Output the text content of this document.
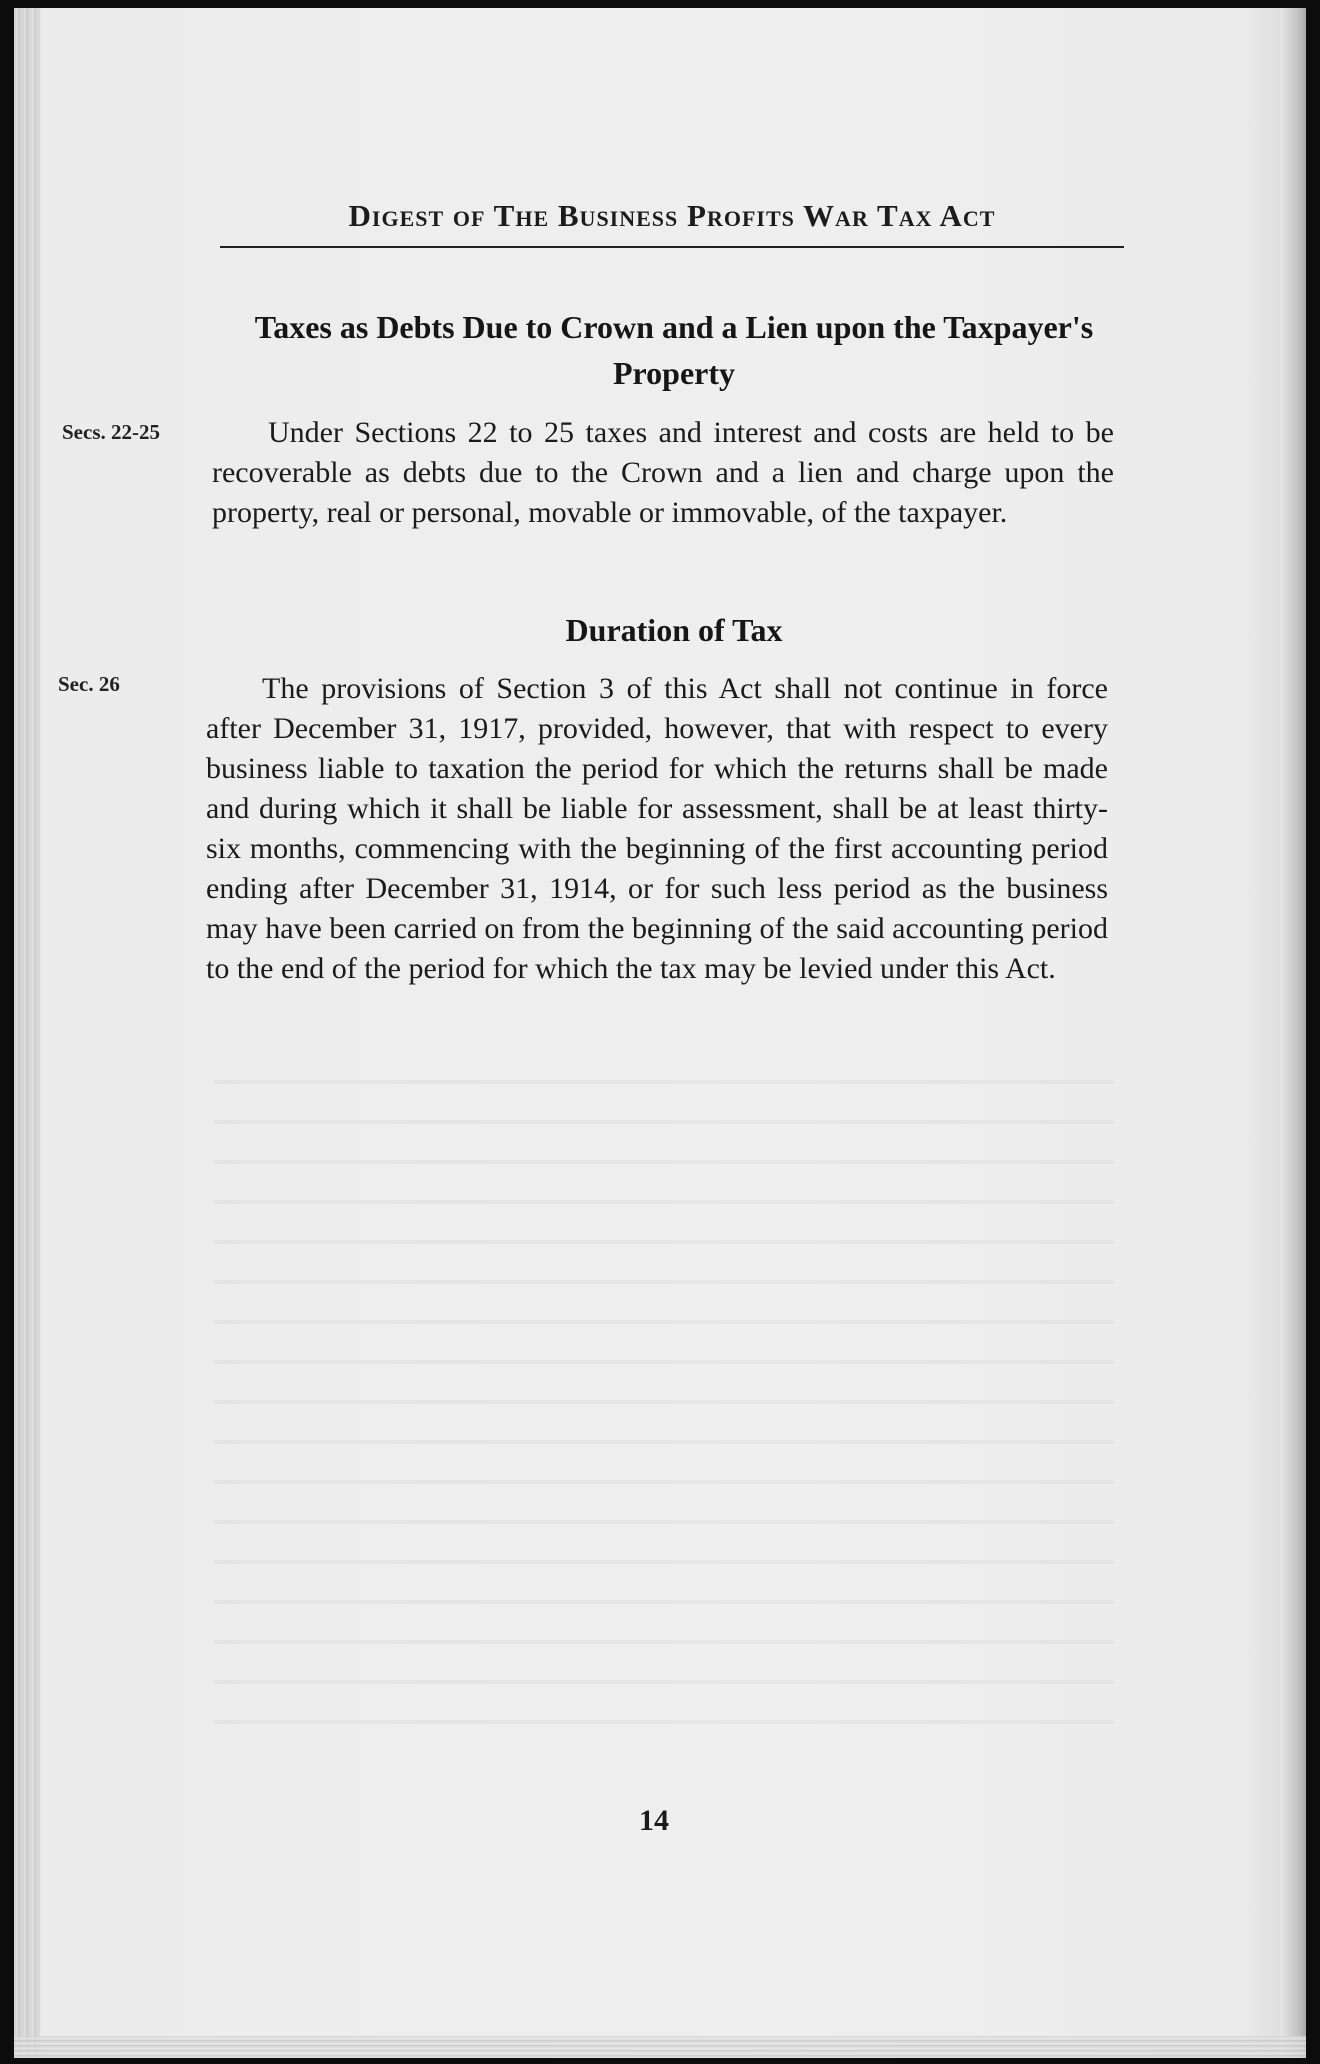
Digest of The Business Profits War Tax Act
Taxes as Debts Due to Crown and a Lien upon the Taxpayer's Property
Secs. 22-25	Under Sections 22 to 25 taxes and interest and costs are held to be recoverable as debts due to the Crown and a lien and charge upon the property, real or personal, movable or immovable, of the taxpayer.
Duration of Tax
Sec. 26	The provisions of Section 3 of this Act shall not continue in force after December 31, 1917, provided, however, that with respect to every business liable to taxation the period for which the returns shall be made and during which it shall be liable for assessment, shall be at least thirty-six months, commencing with the beginning of the first accounting period ending after December 31, 1914, or for such less period as the business may have been carried on from the beginning of the said accounting period to the end of the period for which the tax may be levied under this Act.
14
